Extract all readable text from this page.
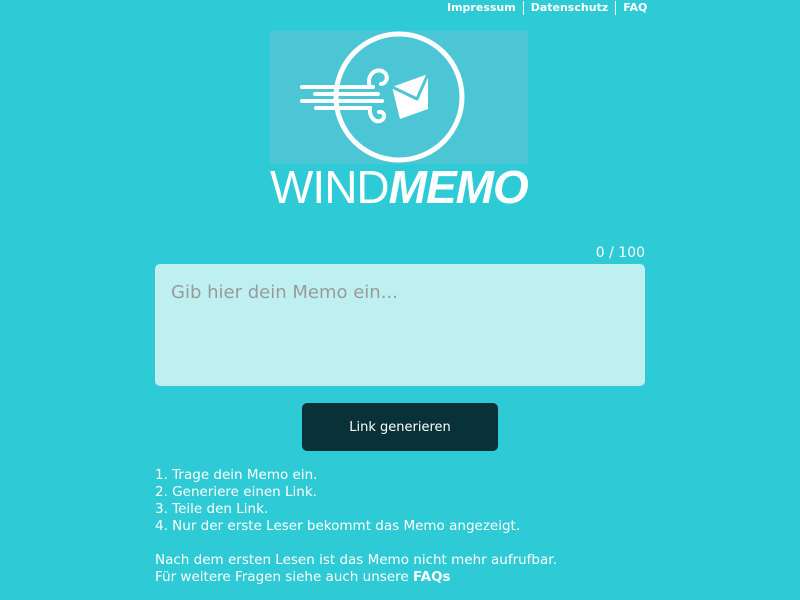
Impressum Datenschutz FAQ
WINDMEMO
0 / 100
Gib hier dein Memo ein...
Link generieren
1. Trage dein Memo ein.
2. Generiere einen Link.
3. Teile den Link.
4. Nur der erste Leser bekommt das Memo angezeigt.
Nach dem ersten Lesen ist das Memo nicht mehr aufrufbar.
Für weitere Fragen siehe auch unsere FAQs
